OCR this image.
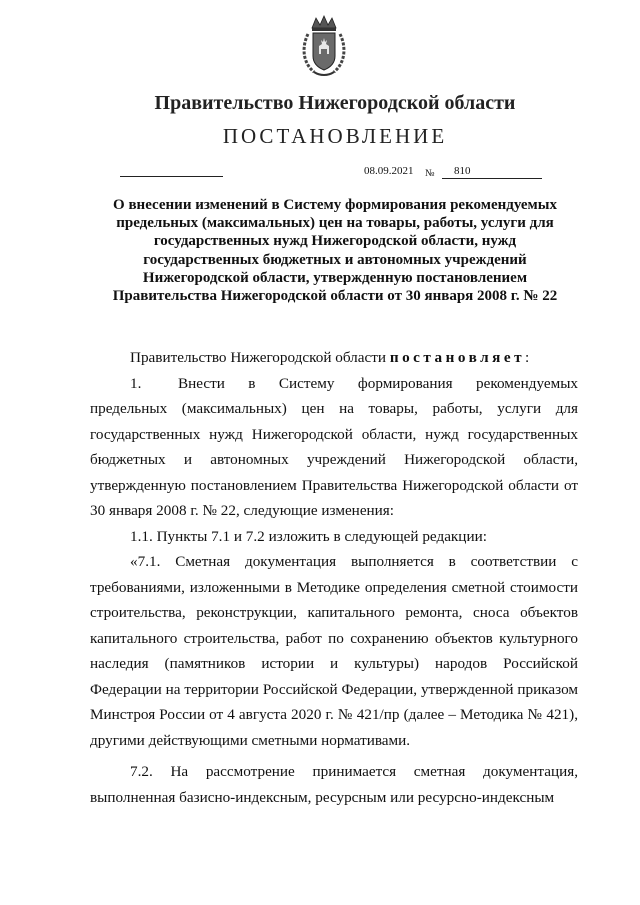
Правительство Нижегородской области
ПОСТАНОВЛЕНИЕ
08.09.2021 №	810
О внесении изменений в Систему формирования рекомендуемых предельных (максимальных) цен на товары, работы, услуги для государственных нужд Нижегородской области, нужд государственных бюджетных и автономных учреждений Нижегородской области, утвержденную постановлением Правительства Нижегородской области от 30 января 2008 г. № 22

Правительство Нижегородской области постановляет:

1. Внести в Систему формирования рекомендуемых предельных (максимальных) цен на товары, работы, услуги для государственных нужд Нижегородской области, нужд государственных бюджетных и автономных учреждений Нижегородской области, утвержденную постановлением Правительства Нижегородской области от 30 января 2008 г. № 22, следующие изменения:

1.1. Пункты 7.1 и 7.2 изложить в следующей редакции:

«7.1. Сметная документация выполняется в соответствии с требованиями, изложенными в Методике определения сметной стоимости строительства, реконструкции, капитального ремонта, сноса объектов капитального строительства, работ по сохранению объектов культурного наследия (памятников истории и культуры) народов Российской Федерации на территории Российской Федерации, утвержденной приказом Минстроя России от 4 августа 2020 г. № 421/пр (далее – Методика № 421), другими действующими сметными нормативами.

7.2. На рассмотрение принимается сметная документация, выполненная базисно-индексным, ресурсным или ресурсно-индексным
